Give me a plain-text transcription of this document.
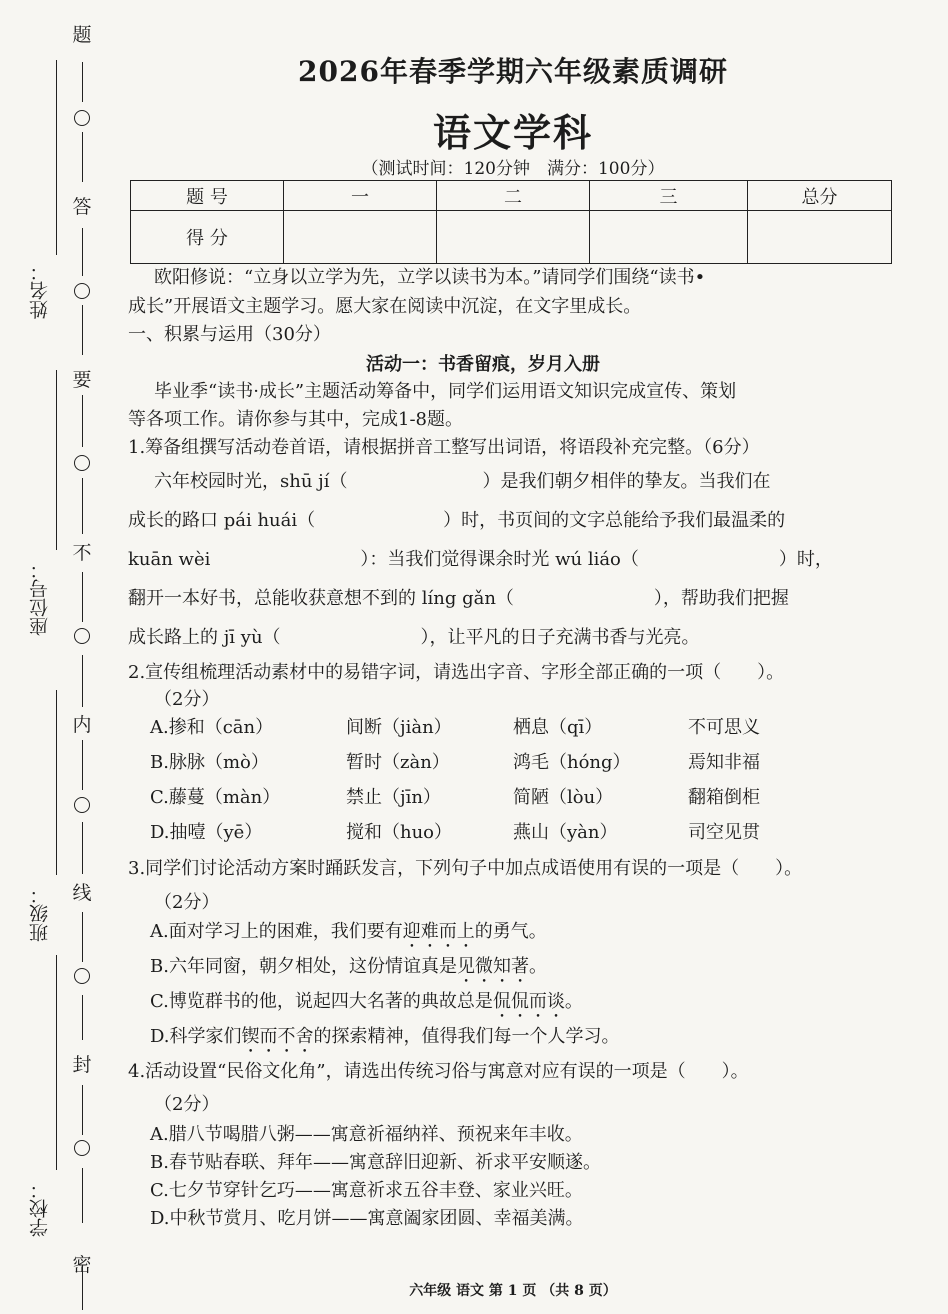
题
答
要
不
内
线
封
密
姓名：
座位号：
班级：
学校：
2026年春季学期六年级素质调研
语文学科
（测试时间：120分钟　满分：100分）
题 号	一	二	三	总分
得 分				
欧阳修说：“立身以立学为先，立学以读书为本。”请同学们围绕“读书•
成长”开展语文主题学习。愿大家在阅读中沉淀，在文字里成长。
一、积累与运用（30分）
活动一：书香留痕，岁月入册
毕业季“读书·成长”主题活动筹备中，同学们运用语文知识完成宣传、策划
等各项工作。请你参与其中，完成1-8题。
1.筹备组撰写活动卷首语，请根据拼音工整写出词语，将语段补充完整。（6分）
六年校园时光，shū jí（	）是我们朝夕相伴的挚友。当我们在
成长的路口 pái huái（	）时，书页间的文字总能给予我们最温柔的
kuān wèi	）：当我们觉得课余时光 wú liáo（	）时，
翻开一本好书，总能收获意想不到的 líng gǎn（	），帮助我们把握
成长路上的 jī yù（	），让平凡的日子充满书香与光亮。
2.宣传组梳理活动素材中的易错字词，请选出字音、字形全部正确的一项（　　）。
（2分）
A.掺和（cān）	间断（jiàn）	栖息（qī）	不可思义
B.脉脉（mò）	暂时（zàn）	鸿毛（hóng）	焉知非福
C.藤蔓（màn）	禁止（jīn）	简陋（lòu）	翻箱倒柜
D.抽噎（yē）	搅和（huo）	燕山（yàn）	司空见贯
3.同学们讨论活动方案时踊跃发言，下列句子中加点成语使用有误的一项是（　　）。
（2分）
A.面对学习上的困难，我们要有迎难而上的勇气。
B.六年同窗，朝夕相处，这份情谊真是见微知著。
C.博览群书的他，说起四大名著的典故总是侃侃而谈。
D.科学家们锲而不舍的探索精神，值得我们每一个人学习。
4.活动设置“民俗文化角”，请选出传统习俗与寓意对应有误的一项是（　　）。
（2分）
A.腊八节喝腊八粥——寓意祈福纳祥、预祝来年丰收。
B.春节贴春联、拜年——寓意辞旧迎新、祈求平安顺遂。
C.七夕节穿针乞巧——寓意祈求五谷丰登、家业兴旺。
D.中秋节赏月、吃月饼——寓意阖家团圆、幸福美满。
六年级 语文 第 1 页 （共 8 页）
